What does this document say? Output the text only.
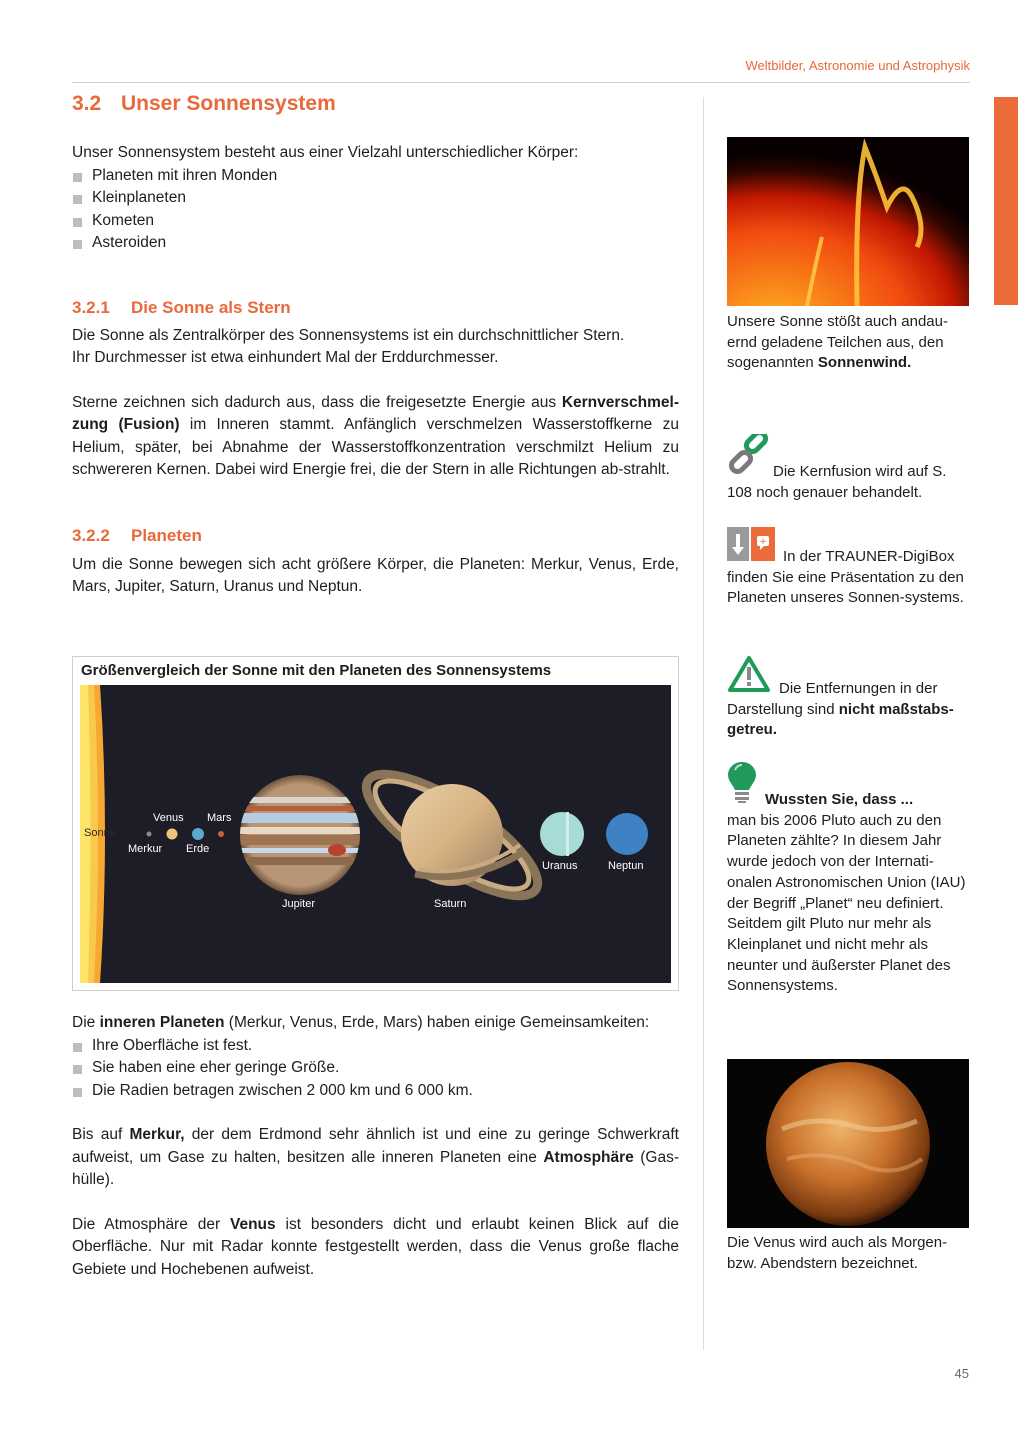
Weltbilder, Astronomie und Astrophysik
3.2 Unser Sonnensystem

Unser Sonnensystem besteht aus einer Vielzahl unterschiedlicher Körper:

Planeten mit ihren Monden
Kleinplaneten
Kometen
Asteroiden
3.2.1 Die Sonne als Stern

Die Sonne als Zentralkörper des Sonnensystems ist ein durchschnittlicher Stern.

Ihr Durchmesser ist etwa einhundert Mal der Erddurchmesser.

Sterne zeichnen sich dadurch aus, dass die freigesetzte Energie aus Kernverschmel-zung (Fusion) im Inneren stammt. Anfänglich verschmelzen Wasserstoffkerne zu Helium, später, bei Abnahme der Wasserstoffkonzentration verschmilzt Helium zu schwereren Kernen. Dabei wird Energie frei, die der Stern in alle Richtungen ab-strahlt.

3.2.2 Planeten

Um die Sonne bewegen sich acht größere Körper, die Planeten: Merkur, Venus, Erde, Mars, Jupiter, Saturn, Uranus und Neptun.

Größenvergleich der Sonne mit den Planeten des Sonnensystems
Sonne
Merkur
Venus
Erde
Mars
Jupiter	Saturn
Uranus	Neptun

Die inneren Planeten (Merkur, Venus, Erde, Mars) haben einige Gemeinsamkeiten:

Ihre Oberfläche ist fest.
Sie haben eine eher geringe Größe.
Die Radien betragen zwischen 2 000 km und 6 000 km.

Bis auf Merkur, der dem Erdmond sehr ähnlich ist und eine zu geringe Schwerkraft aufweist, um Gase zu halten, besitzen alle inneren Planeten eine Atmosphäre (Gas-hülle).

Die Atmosphäre der Venus ist besonders dicht und erlaubt keinen Blick auf die Oberfläche. Nur mit Radar konnte festgestellt werden, dass die Venus große flache Gebiete und Hochebenen aufweist.

Unsere Sonne stößt auch andau-ernd geladene Teilchen aus, den sogenannten Sonnenwind.

Die Kernfusion wird auf S. 108 noch genauer behandelt.

+
In der TRAUNER-DigiBox finden Sie eine Präsentation zu den Planeten unseres Sonnen-systems.

Die Entfernungen in der Darstellung sind nicht maßstabs-getreu.

Wussten Sie, dass ...

man bis 2006 Pluto auch zu den Planeten zählte? In diesem Jahr wurde jedoch von der Internati-onalen Astronomischen Union (IAU) der Begriff „Planet“ neu definiert. Seitdem gilt Pluto nur mehr als Kleinplanet und nicht mehr als neunter und äußerster Planet des Sonnensystems.

Die Venus wird auch als Morgen-bzw. Abendstern bezeichnet.

45
